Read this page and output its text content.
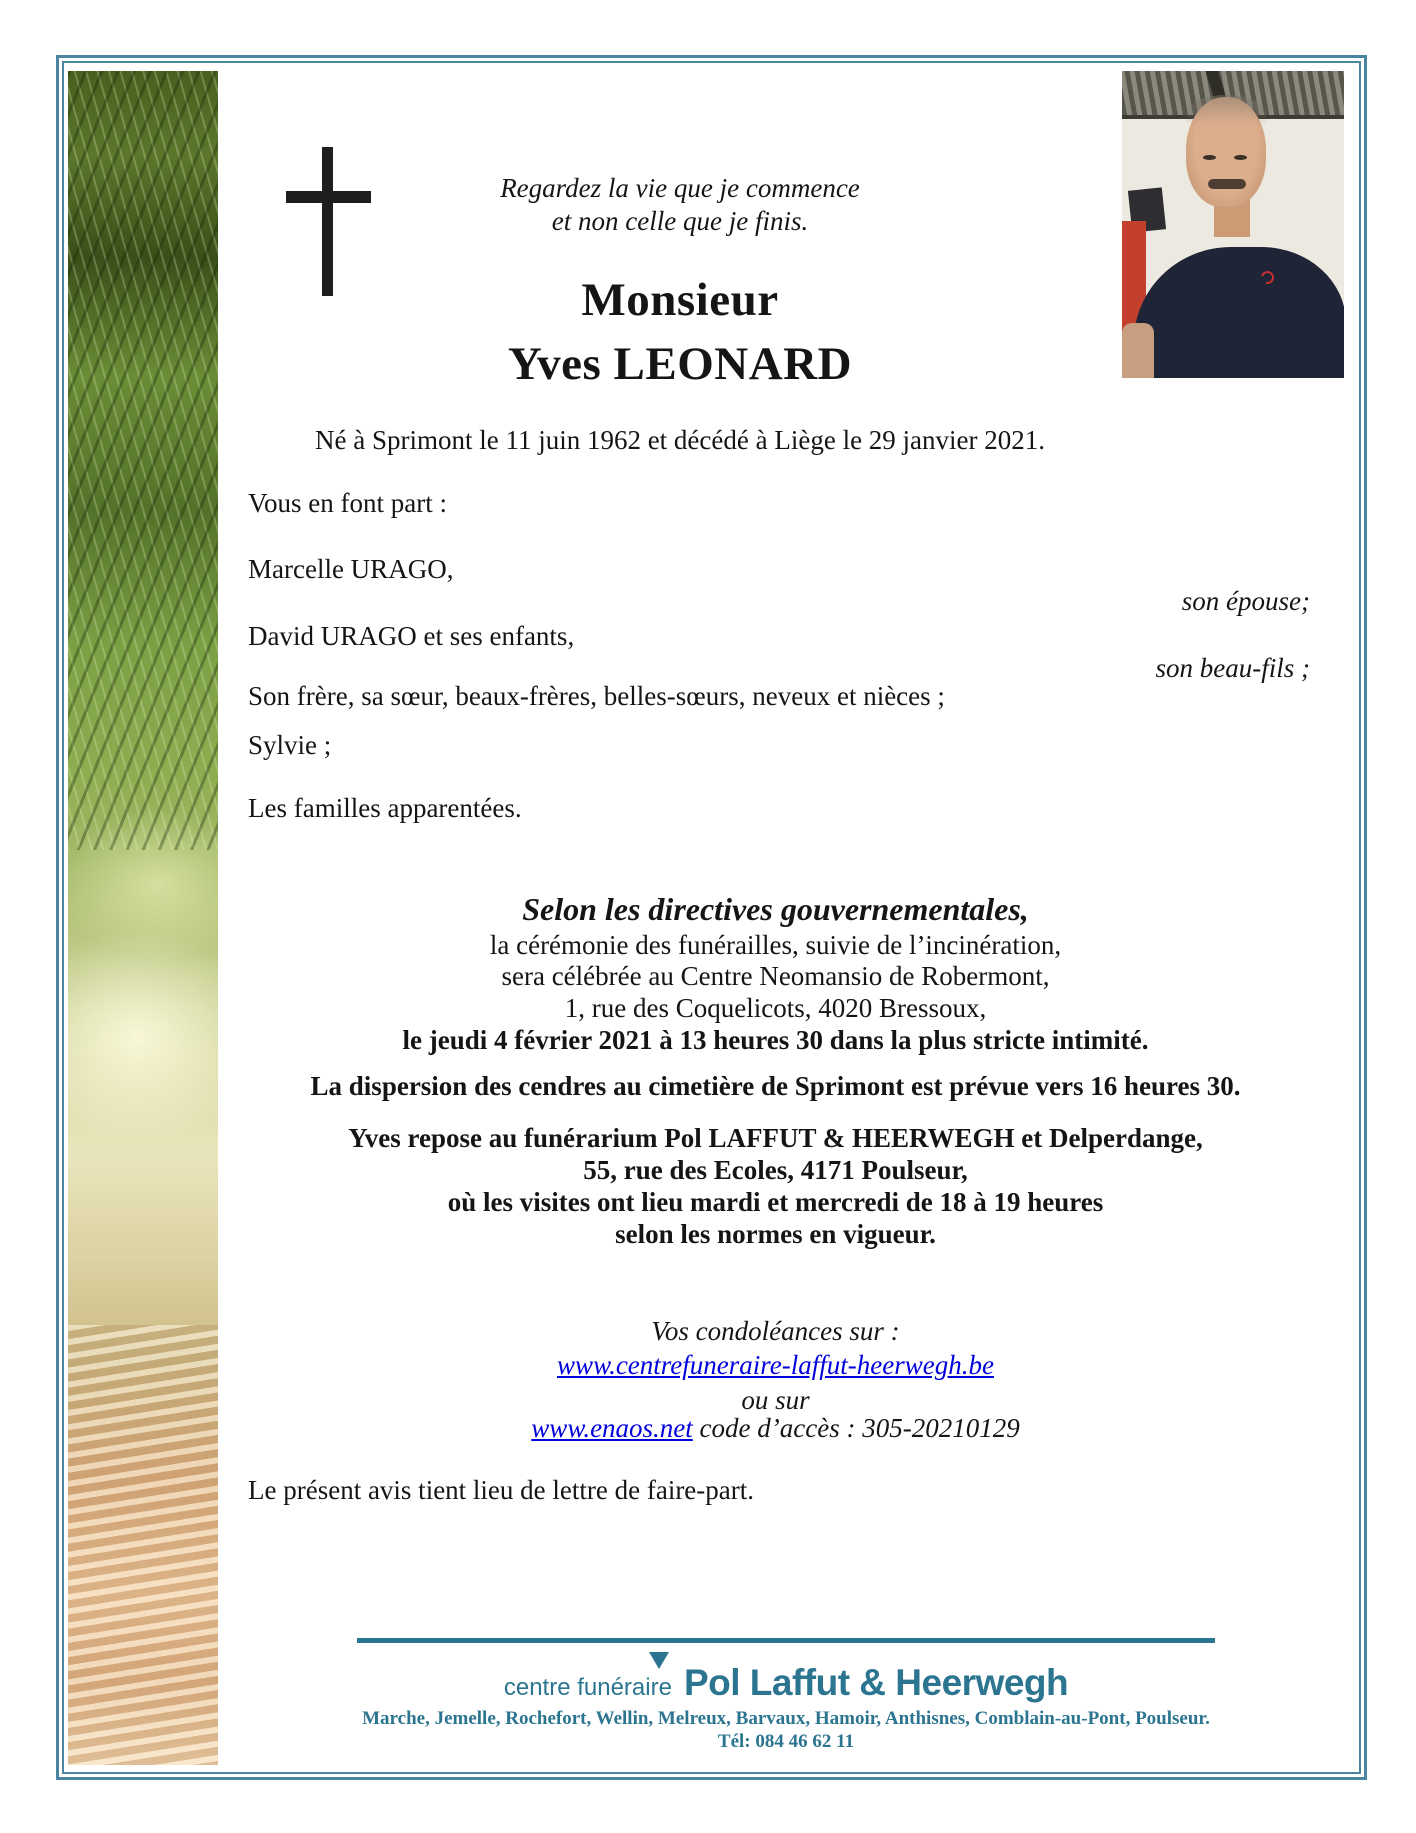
Regardez la vie que je commence
et non celle que je finis.
Monsieur
Yves LEONARD
Né à Sprimont le 11 juin 1962 et décédé à Liège le 29 janvier 2021.
Vous en font part :
Marcelle URAGO,
son épouse;
David URAGO et ses enfants,
son beau-fils ;
Son frère, sa sœur, beaux-frères, belles-sœurs, neveux et nièces ;
Sylvie ;
Les familles apparentées.
Selon les directives gouvernementales,
la cérémonie des funérailles, suivie de l’incinération,
sera célébrée au Centre Neomansio de Robermont,
1, rue des Coquelicots, 4020 Bressoux,
le jeudi 4 février 2021 à 13 heures 30 dans la plus stricte intimité.
La dispersion des cendres au cimetière de Sprimont est prévue vers 16 heures 30.
Yves repose au funérarium Pol LAFFUT & HEERWEGH et Delperdange,
55, rue des Ecoles, 4171 Poulseur,
où les visites ont lieu mardi et mercredi de 18 à 19 heures
selon les normes en vigueur.
Vos condoléances sur :
www.centrefuneraire-laffut-heerwegh.be
ou sur
www.enaos.net code d’accès : 305-20210129
Le présent avis tient lieu de lettre de faire-part.
centre funéraire Pol Laffut & Heerwegh
Marche, Jemelle, Rochefort, Wellin, Melreux, Barvaux, Hamoir, Anthisnes, Comblain-au-Pont, Poulseur.
Tél: 084 46 62 11
